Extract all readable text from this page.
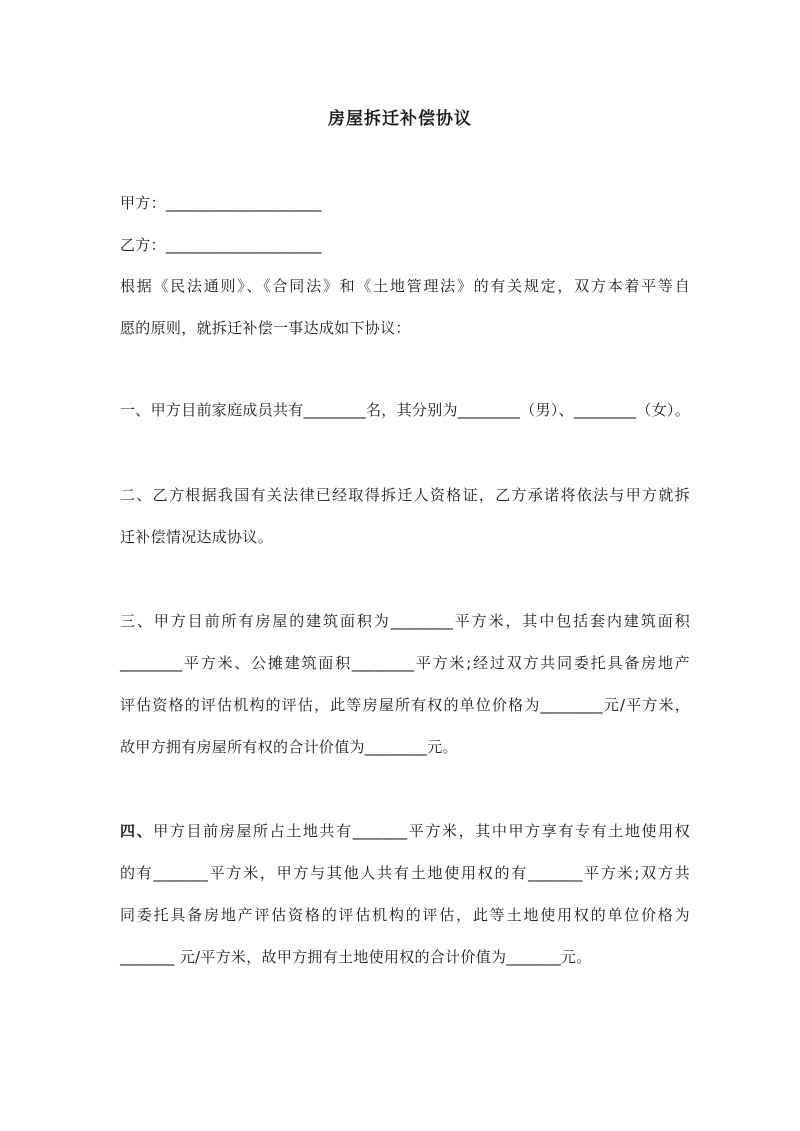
房屋拆迁补偿协议
甲方：____________________
乙方：____________________
根据《民法通则》、《合同法》和《土地管理法》的有关规定，双方本着平等自
愿的原则，就拆迁补偿一事达成如下协议：
一、甲方目前家庭成员共有________名，其分别为________（男）、________（女）。
二、乙方根据我国有关法律已经取得拆迁人资格证，乙方承诺将依法与甲方就拆
迁补偿情况达成协议。
三、甲方目前所有房屋的建筑面积为________平方米，其中包括套内建筑面积
________平方米、公摊建筑面积________平方米;经过双方共同委托具备房地产
评估资格的评估机构的评估，此等房屋所有权的单位价格为________元/平方米，
故甲方拥有房屋所有权的合计价值为________元。
四、甲方目前房屋所占土地共有_______平方米，其中甲方享有专有土地使用权
的有_______平方米，甲方与其他人共有土地使用权的有_______平方米;双方共
同委托具备房地产评估资格的评估机构的评估，此等土地使用权的单位价格为
_______ 元/平方米，故甲方拥有土地使用权的合计价值为_______元。
